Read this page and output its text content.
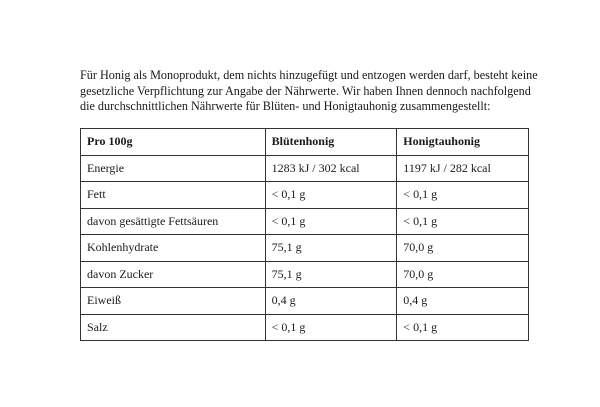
Für Honig als Monoprodukt, dem nichts hinzugefügt und entzogen werden darf, besteht keine
gesetzliche Verpflichtung zur Angabe der Nährwerte. Wir haben Ihnen dennoch nachfolgend
die durchschnittlichen Nährwerte für Blüten- und Honigtauhonig zusammengestellt:

Pro 100g	Blütenhonig	Honigtauhonig
Energie	1283 kJ / 302 kcal	1197 kJ / 282 kcal
Fett	< 0,1 g	< 0,1 g
davon gesättigte Fettsäuren	< 0,1 g	< 0,1 g
Kohlenhydrate	75,1 g	70,0 g
davon Zucker	75,1 g	70,0 g
Eiweiß	0,4 g	0,4 g
Salz	< 0,1 g	< 0,1 g
